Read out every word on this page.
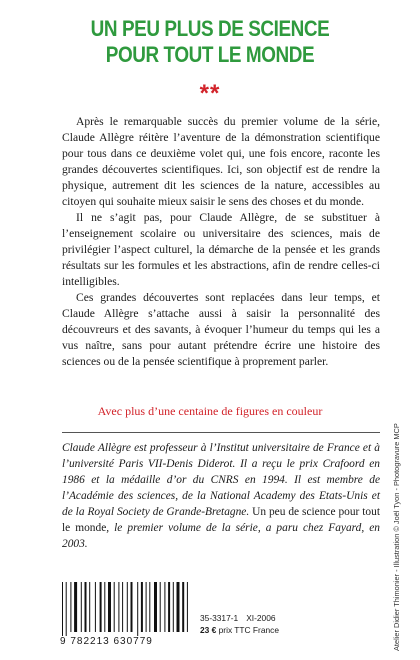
UN PEU PLUS DE SCIENCE
POUR TOUT LE MONDE
**

Après le remarquable succès du premier volume de la série, Claude Allègre réitère l’aventure de la démonstration scientifique pour tous dans ce deuxième volet qui, une fois encore, raconte les grandes découvertes scientifiques. Ici, son objectif est de rendre la physique, autrement dit les sciences de la nature, accessibles au citoyen qui souhaite mieux saisir le sens des choses et du monde.

Il ne s’agit pas, pour Claude Allègre, de se substituer à l’enseignement scolaire ou universitaire des sciences, mais de privilégier l’aspect culturel, la démarche de la pensée et les grands résultats sur les formules et les abstractions, afin de rendre celles-ci intelligibles.

Ces grandes découvertes sont replacées dans leur temps, et Claude Allègre s’attache aussi à saisir la personnalité des découvreurs et des savants, à évoquer l’humeur du temps qui les a vus naître, sans pour autant prétendre écrire une histoire des sciences ou de la pensée scientifique à proprement parler.

Avec plus d’une centaine de figures en couleur
Claude Allègre est professeur à l’Institut universitaire de France et à l’université Paris VII-Denis Diderot. Il a reçu le prix Crafoord en 1986 et la médaille d’or du CNRS en 1994. Il est membre de l’Académie des sciences, de la National Academy des Etats-Unis et de la Royal Society de Grande-Bretagne. Un peu de science pour tout le monde, le premier volume de la série, a paru chez Fayard, en 2003.	Atelier Didier Thimonier - Illustration © Joël Tyon - Photogravure MCP
9 782213 630779
35-3317-1 XI-2006
23 € prix TTC France
